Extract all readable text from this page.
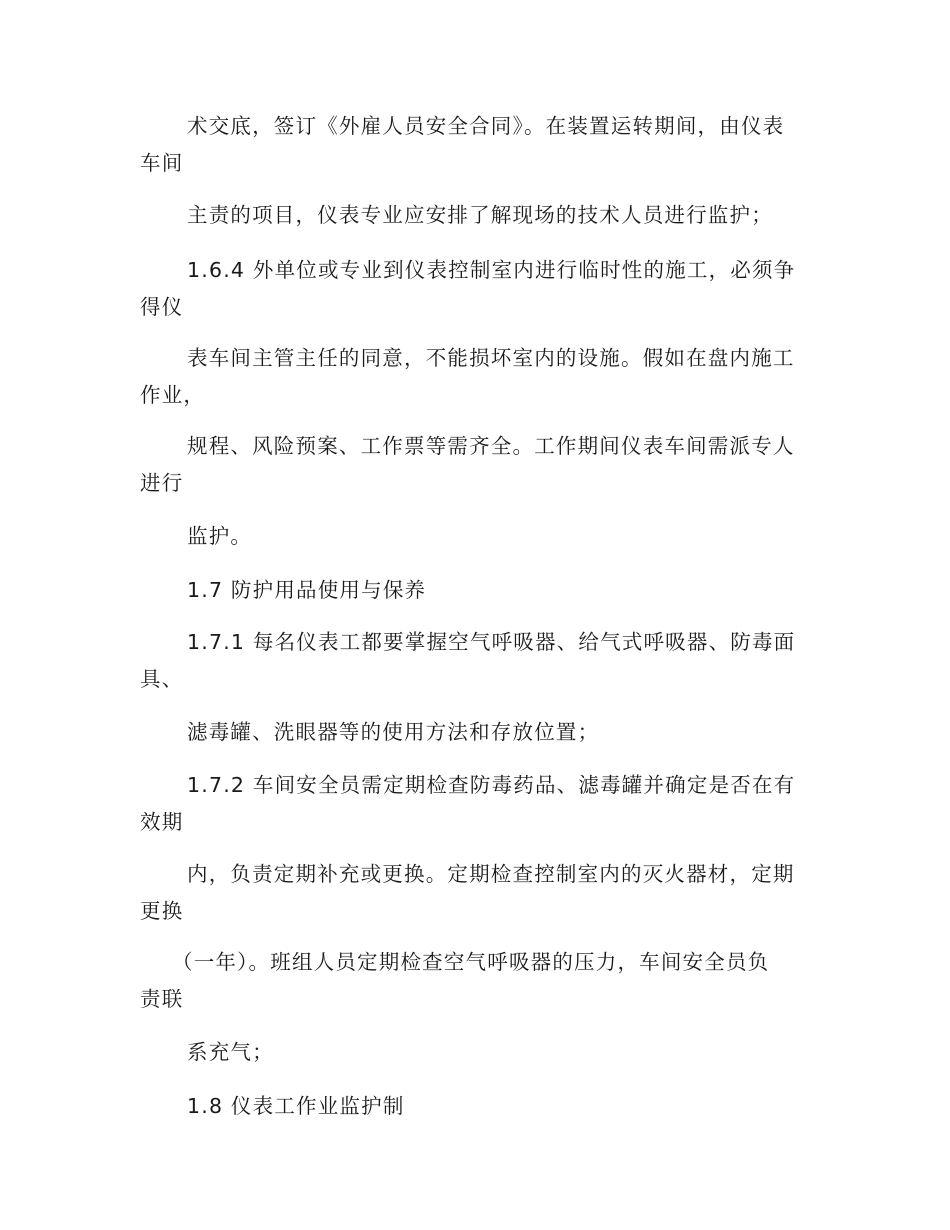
术交底，签订《外雇人员安全合同》。在装置运转期间，由仪表
车间

主责的项目，仪表专业应安排了解现场的技术人员进行监护；

1.6.4 外单位或专业到仪表控制室内进行临时性的施工，必须争
得仪

表车间主管主任的同意，不能损坏室内的设施。假如在盘内施工
作业，

规程、风险预案、工作票等需齐全。工作期间仪表车间需派专人
进行

监护。

1.7 防护用品使用与保养

1.7.1 每名仪表工都要掌握空气呼吸器、给气式呼吸器、防毒面
具、

滤毒罐、洗眼器等的使用方法和存放位置；

1.7.2 车间安全员需定期检查防毒药品、滤毒罐并确定是否在有
效期

内，负责定期补充或更换。定期检查控制室内的灭火器材，定期
更换

（一年）。班组人员定期检查空气呼吸器的压力，车间安全员负
责联

系充气；

1.8 仪表工作业监护制
